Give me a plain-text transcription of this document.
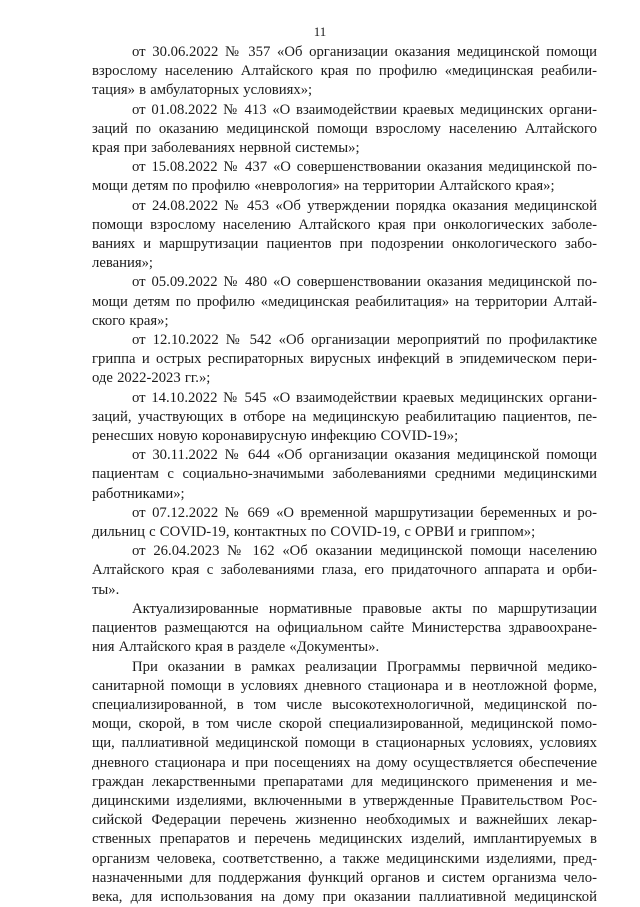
11
от 30.06.2022 № 357 «Об организации оказания медицинской помощи
взрослому населению Алтайского края по профилю «медицинская реабили-
тация» в амбулаторных условиях»;
от 01.08.2022 № 413 «О взаимодействии краевых медицинских органи-
заций по оказанию медицинской помощи взрослому населению Алтайского
края при заболеваниях нервной системы»;
от 15.08.2022 № 437 «О совершенствовании оказания медицинской по-
мощи детям по профилю «неврология» на территории Алтайского края»;
от 24.08.2022 № 453 «Об утверждении порядка оказания медицинской
помощи взрослому населению Алтайского края при онкологических заболе-
ваниях и маршрутизации пациентов при подозрении онкологического забо-
левания»;
от 05.09.2022 № 480 «О совершенствовании оказания медицинской по-
мощи детям по профилю «медицинская реабилитация» на территории Алтай-
ского края»;
от 12.10.2022 № 542 «Об организации мероприятий по профилактике
гриппа и острых респираторных вирусных инфекций в эпидемическом пери-
оде 2022-2023 гг.»;
от 14.10.2022 № 545 «О взаимодействии краевых медицинских органи-
заций, участвующих в отборе на медицинскую реабилитацию пациентов, пе-
ренесших новую коронавирусную инфекцию COVID-19»;
от 30.11.2022 № 644 «Об организации оказания медицинской помощи
пациентам с социально-значимыми заболеваниями средними медицинскими
работниками»;
от 07.12.2022 № 669 «О временной маршрутизации беременных и ро-
дильниц с COVID-19, контактных по COVID-19, с ОРВИ и гриппом»;
от 26.04.2023 № 162 «Об оказании медицинской помощи населению
Алтайского края с заболеваниями глаза, его придаточного аппарата и орби-
ты».
Актуализированные нормативные правовые акты по маршрутизации
пациентов размещаются на официальном сайте Министерства здравоохране-
ния Алтайского края в разделе «Документы».
При оказании в рамках реализации Программы первичной медико-
санитарной помощи в условиях дневного стационара и в неотложной форме,
специализированной, в том числе высокотехнологичной, медицинской по-
мощи, скорой, в том числе скорой специализированной, медицинской помо-
щи, паллиативной медицинской помощи в стационарных условиях, условиях
дневного стационара и при посещениях на дому осуществляется обеспечение
граждан лекарственными препаратами для медицинского применения и ме-
дицинскими изделиями, включенными в утвержденные Правительством Рос-
сийской Федерации перечень жизненно необходимых и важнейших лекар-
ственных препаратов и перечень медицинских изделий, имплантируемых в
организм человека, соответственно, а также медицинскими изделиями, пред-
назначенными для поддержания функций органов и систем организма чело-
века, для использования на дому при оказании паллиативной медицинской
